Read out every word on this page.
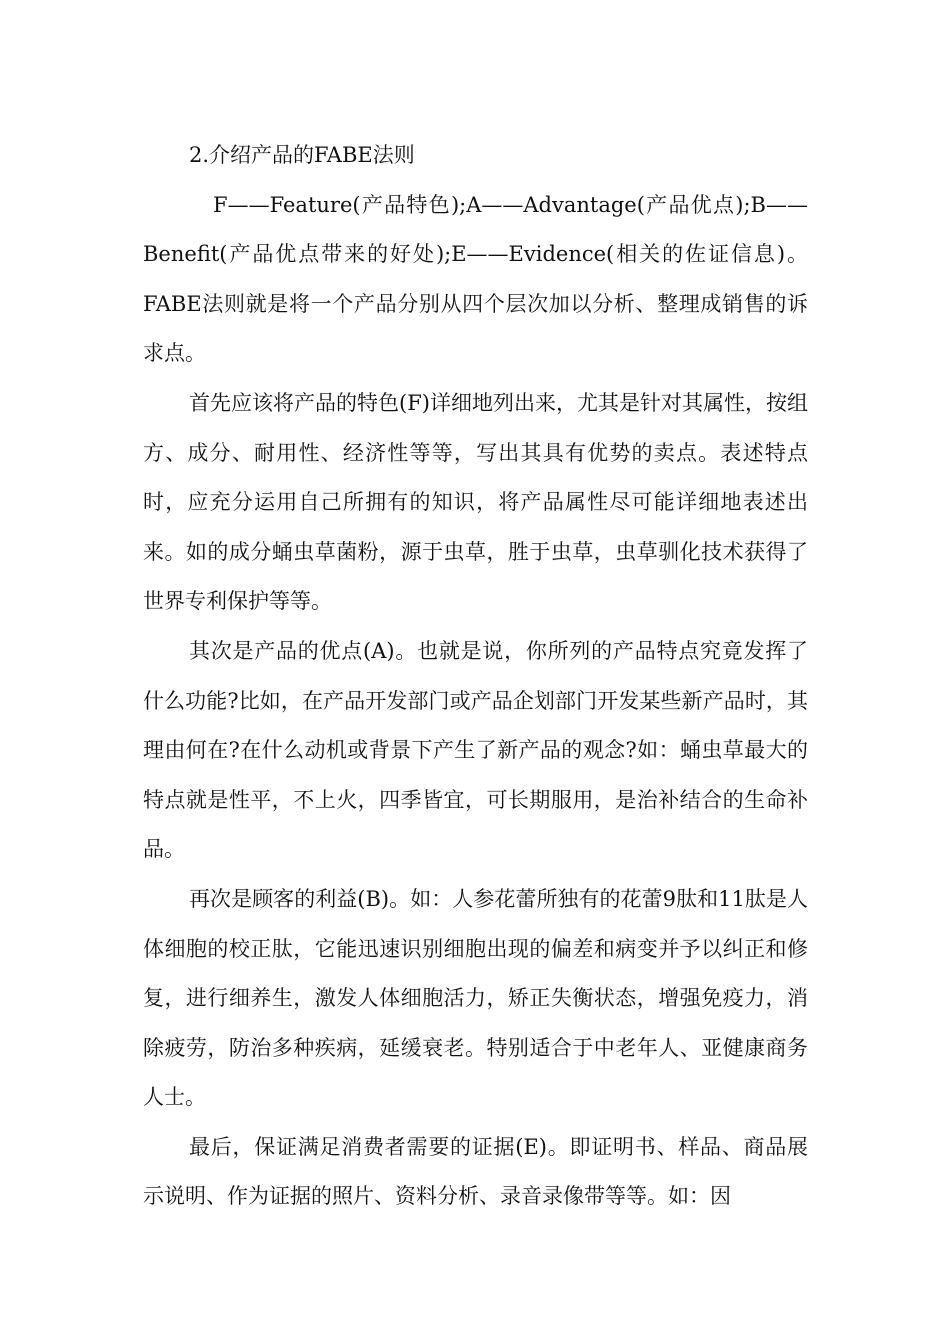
2.介绍产品的FABE法则

F——Feature(产品特色);A——Advantage(产品优点);B——Benefit(产品优点带来的好处);E——Evidence(相关的佐证信息)。FABE法则就是将一个产品分别从四个层次加以分析、整理成销售的诉求点。

首先应该将产品的特色(F)详细地列出来，尤其是针对其属性，按组方、成分、耐用性、经济性等等，写出其具有优势的卖点。表述特点时，应充分运用自己所拥有的知识，将产品属性尽可能详细地表述出来。如的成分蛹虫草菌粉，源于虫草，胜于虫草，虫草驯化技术获得了世界专利保护等等。

其次是产品的优点(A)。也就是说，你所列的产品特点究竟发挥了什么功能?比如，在产品开发部门或产品企划部门开发某些新产品时，其理由何在?在什么动机或背景下产生了新产品的观念?如：蛹虫草最大的特点就是性平，不上火，四季皆宜，可长期服用，是治补结合的生命补品。

再次是顾客的利益(B)。如：人参花蕾所独有的花蕾9肽和11肽是人体细胞的校正肽，它能迅速识别细胞出现的偏差和病变并予以纠正和修复，进行细养生，激发人体细胞活力，矫正失衡状态，增强免疫力，消除疲劳，防治多种疾病，延缓衰老。特别适合于中老年人、亚健康商务人士。

最后，保证满足消费者需要的证据(E)。即证明书、样品、商品展示说明、作为证据的照片、资料分析、录音录像带等等。如：因
